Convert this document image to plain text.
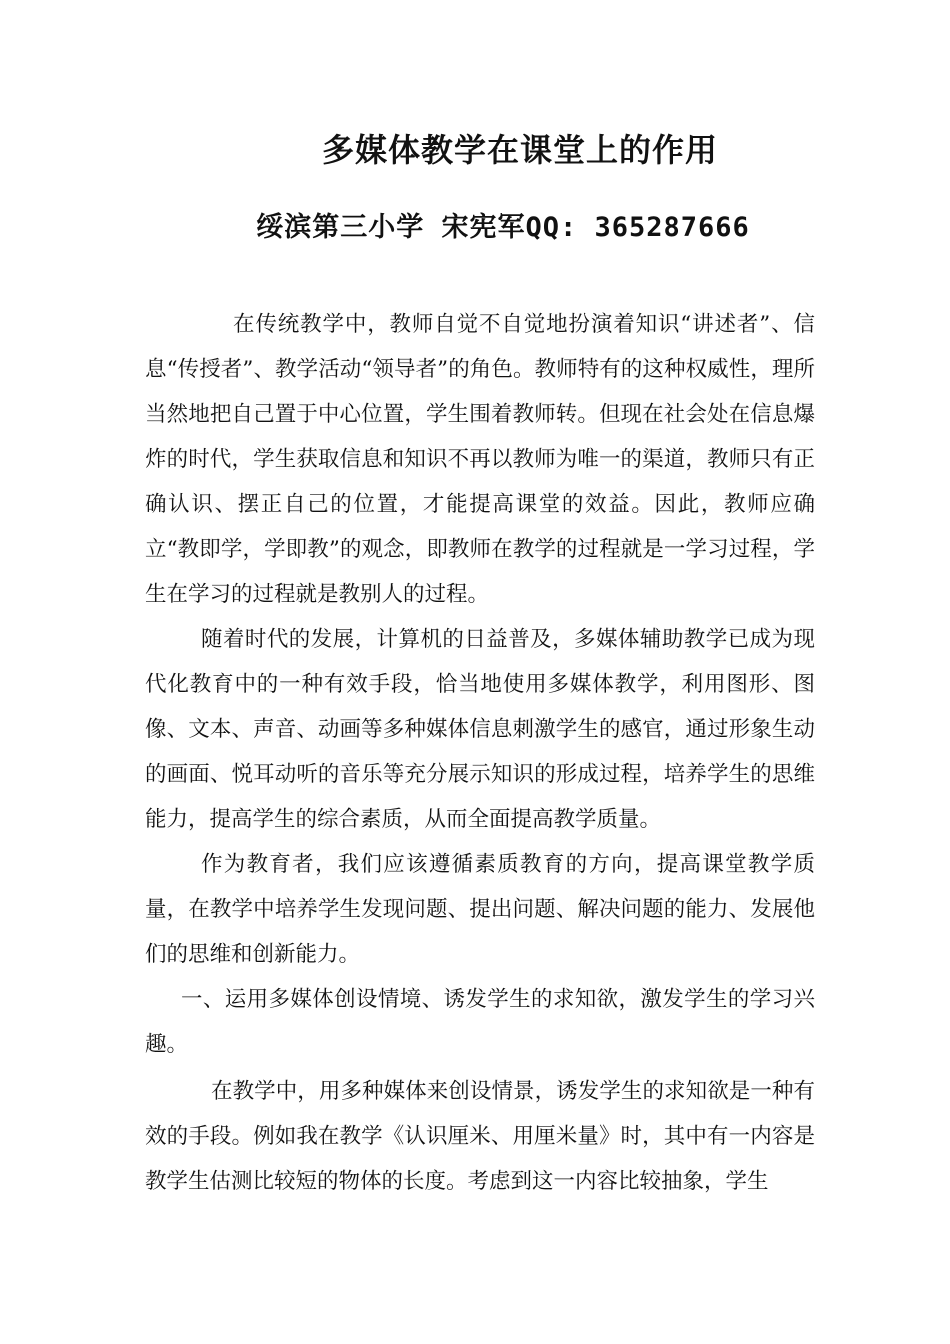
多媒体教学在课堂上的作用
绥滨第三小学 宋宪军QQ: 365287666

在传统教学中，教师自觉不自觉地扮演着知识“讲述者”、信息“传授者”、教学活动“领导者”的角色。教师特有的这种权威性，理所当然地把自己置于中心位置，学生围着教师转。但现在社会处在信息爆炸的时代，学生获取信息和知识不再以教师为唯一的渠道，教师只有正确认识、摆正自己的位置，才能提高课堂的效益。因此，教师应确立“教即学，学即教”的观念，即教师在教学的过程就是一学习过程，学生在学习的过程就是教别人的过程。

随着时代的发展，计算机的日益普及，多媒体辅助教学已成为现代化教育中的一种有效手段，恰当地使用多媒体教学，利用图形、图像、文本、声音、动画等多种媒体信息刺激学生的感官，通过形象生动的画面、悦耳动听的音乐等充分展示知识的形成过程，培养学生的思维能力，提高学生的综合素质，从而全面提高教学质量。

作为教育者，我们应该遵循素质教育的方向，提高课堂教学质量，在教学中培养学生发现问题、提出问题、解决问题的能力、发展他们的思维和创新能力。

一、运用多媒体创设情境、诱发学生的求知欲，激发学生的学习兴趣。

在教学中，用多种媒体来创设情景，诱发学生的求知欲是一种有效的手段。例如我在教学《认识厘米、用厘米量》时，其中有一内容是教学生估测比较短的物体的长度。考虑到这一内容比较抽象，学生
